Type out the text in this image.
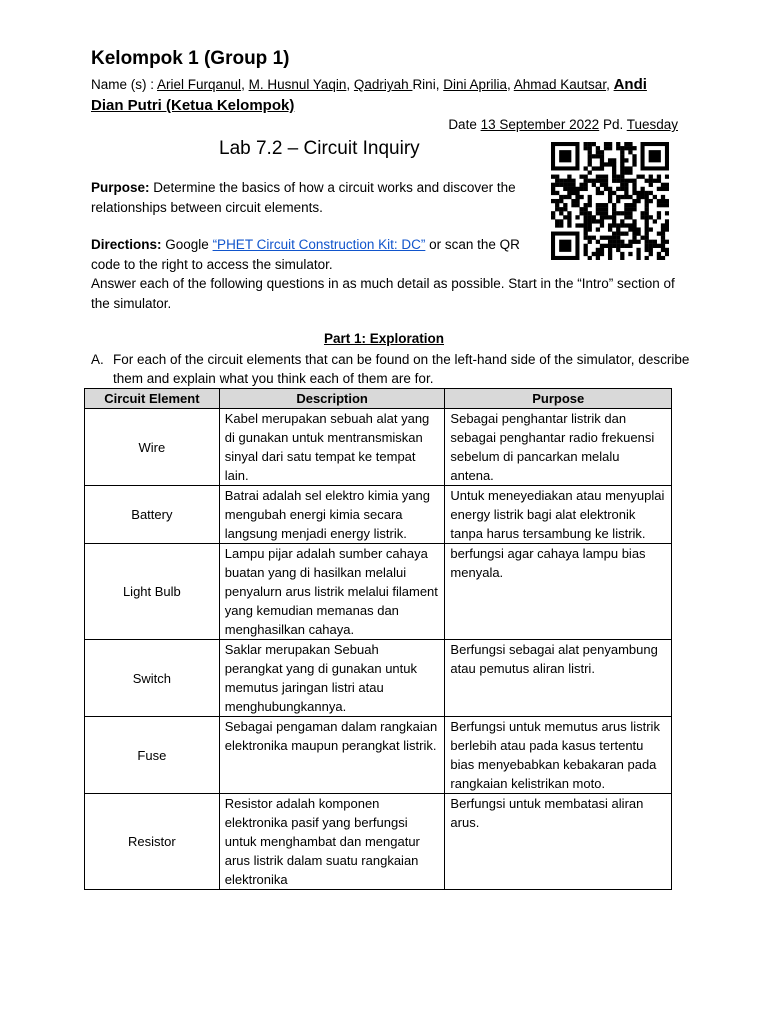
Kelompok 1 (Group 1)
Name (s) : Ariel Furqanul, M. Husnul Yaqin, Qadriyah Rini, Dini Aprilia, Ahmad Kautsar, Andi Dian Putri (Ketua Kelompok)
Date 13 September 2022 Pd. Tuesday
Lab 7.2 – Circuit Inquiry
Purpose: Determine the basics of how a circuit works and discover the relationships between circuit elements.
Directions: Google “PHET Circuit Construction Kit: DC” or scan the QR code to the right to access the simulator.
Answer each of the following questions in as much detail as possible. Start in the “Intro” section of the simulator.
Part 1: Exploration
A. For each of the circuit elements that can be found on the left-hand side of the simulator, describe them and explain what you think each of them are for.
Circuit Element	Description	Purpose
Wire	Kabel merupakan sebuah alat yang di gunakan untuk mentransmiskan sinyal dari satu tempat ke tempat lain.	Sebagai penghantar listrik dan sebagai penghantar radio frekuensi sebelum di pancarkan melalu antena.
Battery	Batrai adalah sel elektro kimia yang mengubah energi kimia secara langsung menjadi energy listrik.	Untuk meneyediakan atau menyuplai energy listrik bagi alat elektronik tanpa harus tersambung ke listrik.
Light Bulb	Lampu pijar adalah sumber cahaya buatan yang di hasilkan melalui penyalurn arus listrik melalui filament yang kemudian memanas dan menghasilkan cahaya.	berfungsi agar cahaya lampu bias menyala.
Switch	Saklar merupakan Sebuah perangkat yang di gunakan untuk memutus jaringan listri atau menghubungkannya.	Berfungsi sebagai alat penyambung atau pemutus aliran listri.
Fuse	Sebagai pengaman dalam rangkaian elektronika maupun perangkat listrik.	Berfungsi untuk memutus arus listrik berlebih atau pada kasus tertentu bias menyebabkan kebakaran pada rangkaian kelistrikan moto.
Resistor	Resistor adalah komponen elektronika pasif yang berfungsi untuk menghambat dan mengatur arus listrik dalam suatu rangkaian elektronika	Berfungsi untuk membatasi aliran arus.
